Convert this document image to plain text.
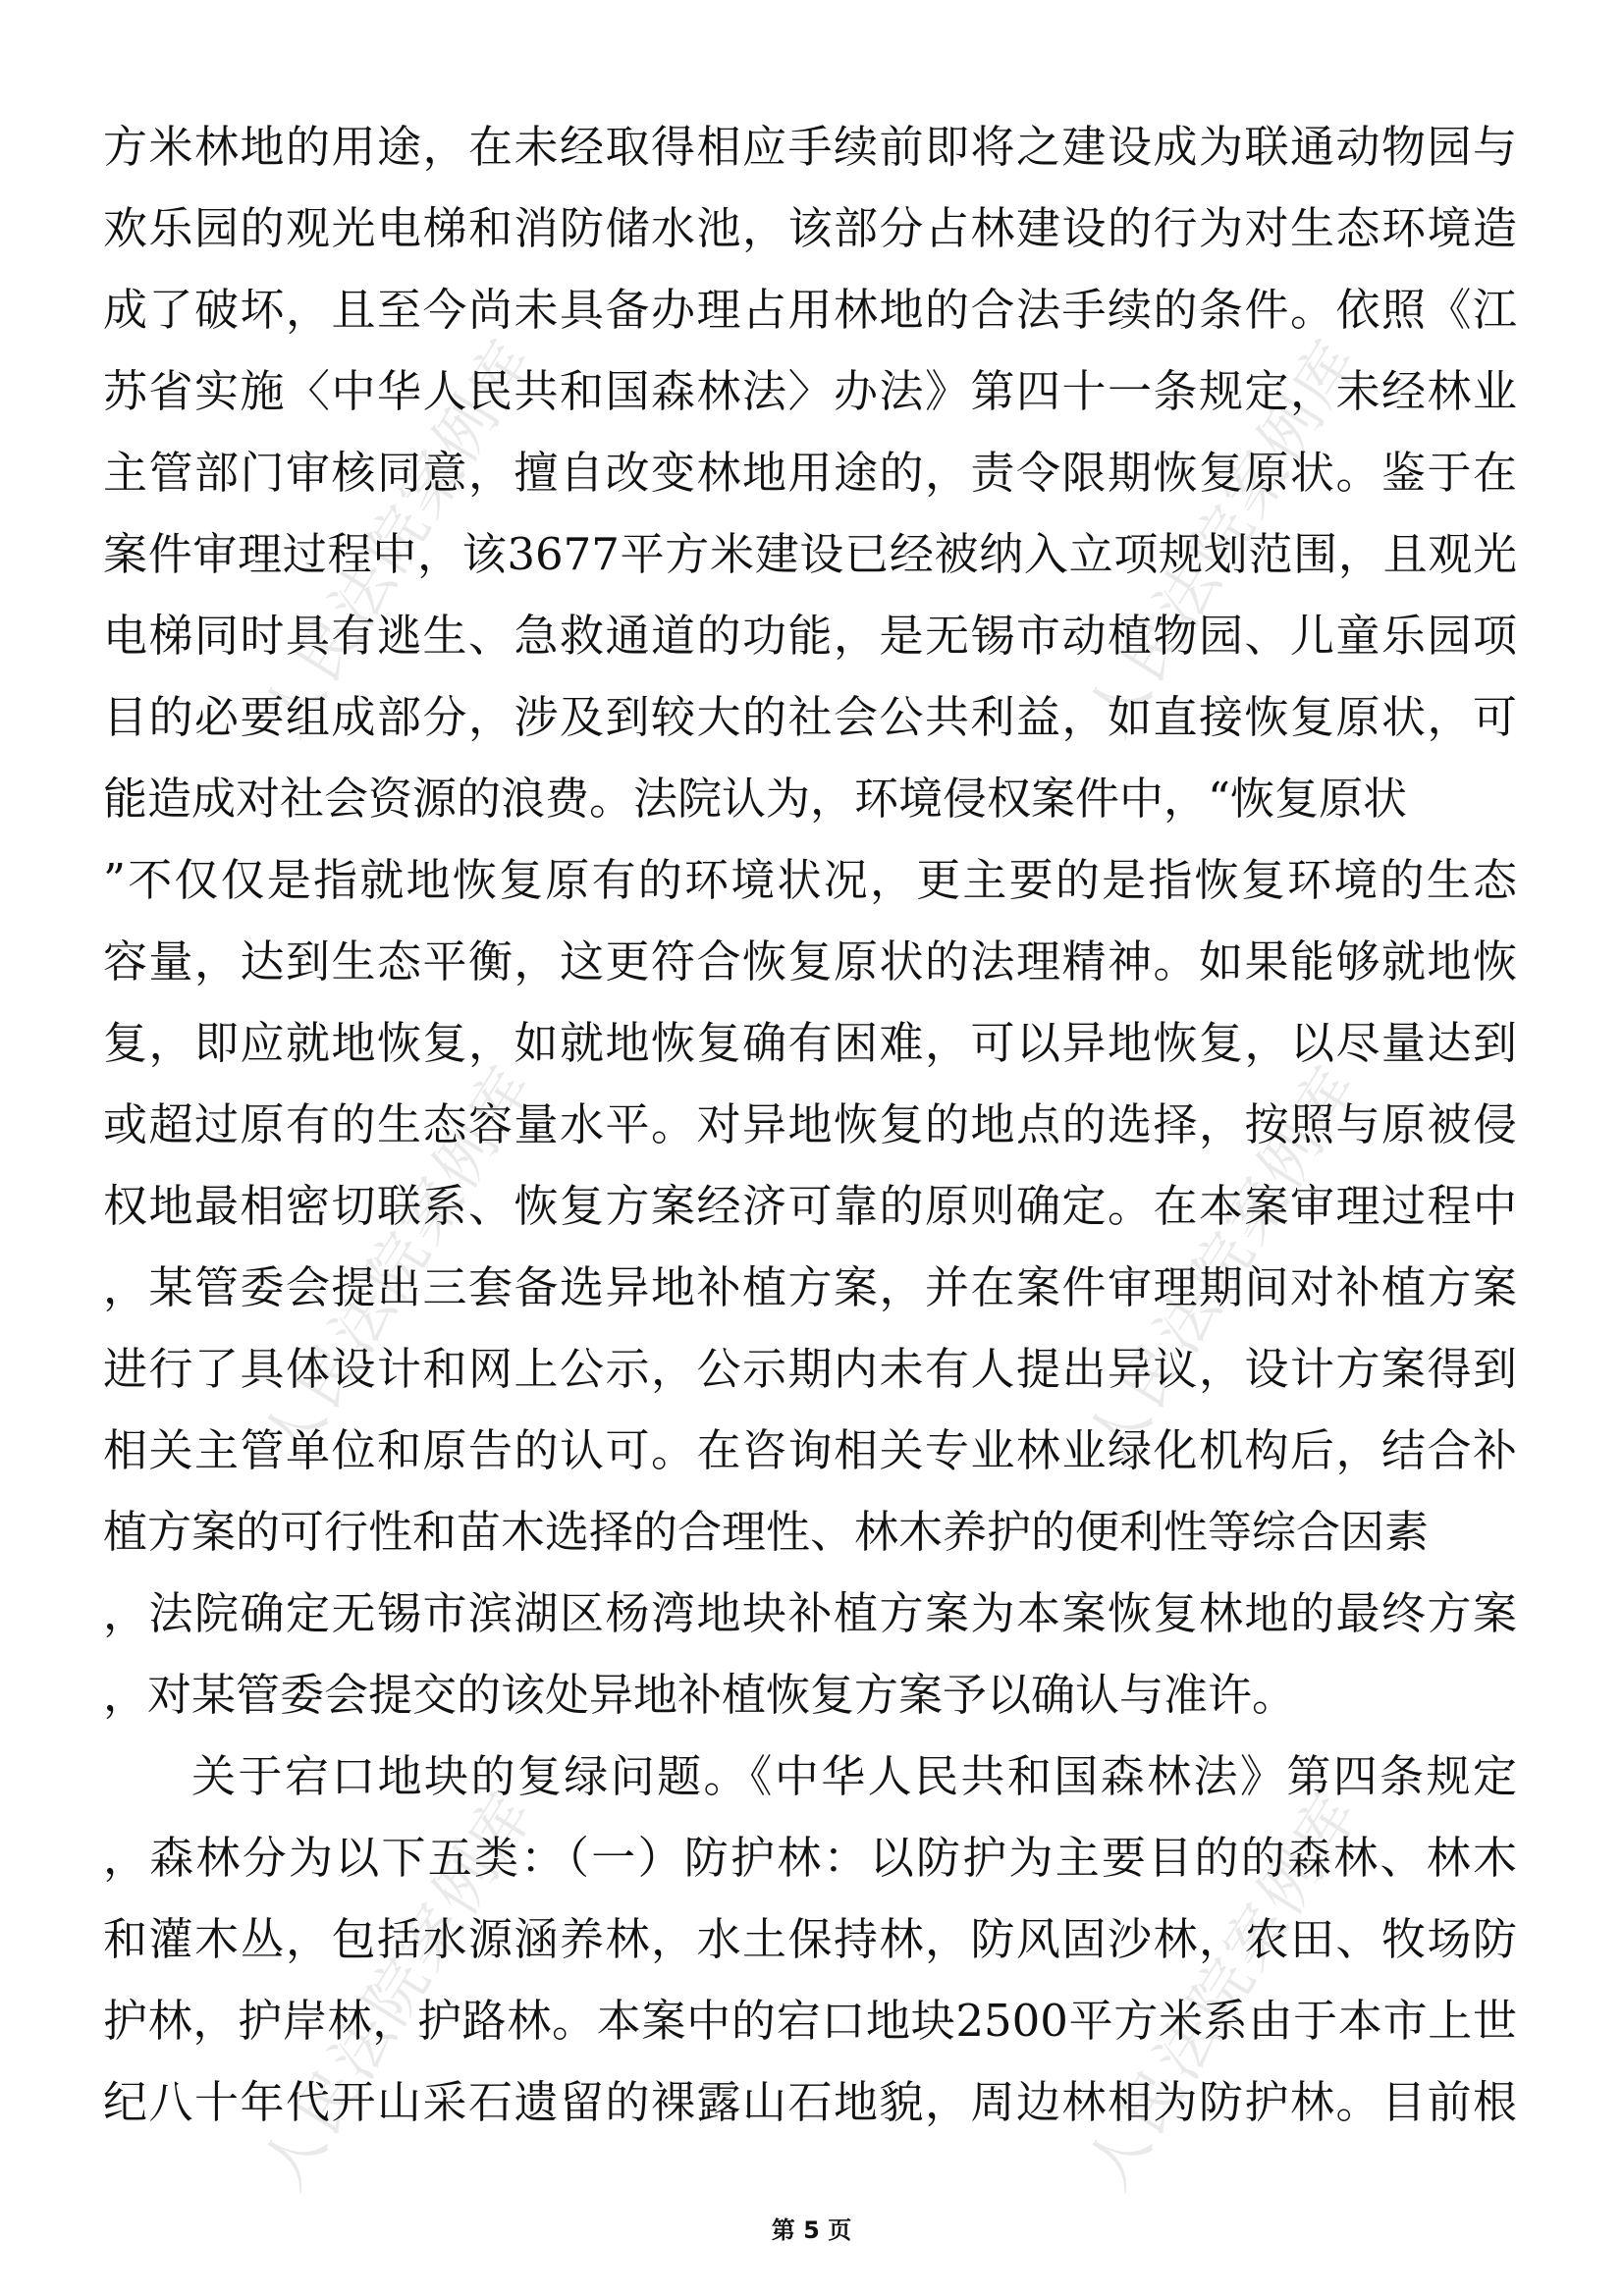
人民法院案例库	人民法院案例库
人民法院案例库	人民法院案例库
人民法院案例库	人民法院案例库
方米林地的用途，在未经取得相应手续前即将之建设成为联通动物园与
欢乐园的观光电梯和消防储水池，该部分占林建设的行为对生态环境造
成了破坏，且至今尚未具备办理占用林地的合法手续的条件。依照《江
苏省实施〈中华人民共和国森林法〉办法》第四十一条规定，未经林业
主管部门审核同意，擅自改变林地用途的，责令限期恢复原状。鉴于在
案件审理过程中，该3677平方米建设已经被纳入立项规划范围，且观光
电梯同时具有逃生、急救通道的功能，是无锡市动植物园、儿童乐园项
目的必要组成部分，涉及到较大的社会公共利益，如直接恢复原状，可
能造成对社会资源的浪费。法院认为，环境侵权案件中，“恢复原状
”不仅仅是指就地恢复原有的环境状况，更主要的是指恢复环境的生态
容量，达到生态平衡，这更符合恢复原状的法理精神。如果能够就地恢
复，即应就地恢复，如就地恢复确有困难，可以异地恢复，以尽量达到
或超过原有的生态容量水平。对异地恢复的地点的选择，按照与原被侵
权地最相密切联系、恢复方案经济可靠的原则确定。在本案审理过程中
，某管委会提出三套备选异地补植方案，并在案件审理期间对补植方案
进行了具体设计和网上公示，公示期内未有人提出异议，设计方案得到
相关主管单位和原告的认可。在咨询相关专业林业绿化机构后，结合补
植方案的可行性和苗木选择的合理性、林木养护的便利性等综合因素
，法院确定无锡市滨湖区杨湾地块补植方案为本案恢复林地的最终方案
，对某管委会提交的该处异地补植恢复方案予以确认与准许。
关于宕口地块的复绿问题。《中华人民共和国森林法》第四条规定
，森林分为以下五类：（一）防护林：以防护为主要目的的森林、林木
和灌木丛，包括水源涵养林，水土保持林，防风固沙林，农田、牧场防
护林，护岸林，护路林。本案中的宕口地块2500平方米系由于本市上世
纪八十年代开山采石遗留的裸露山石地貌，周边林相为防护林。目前根
第 5 页
